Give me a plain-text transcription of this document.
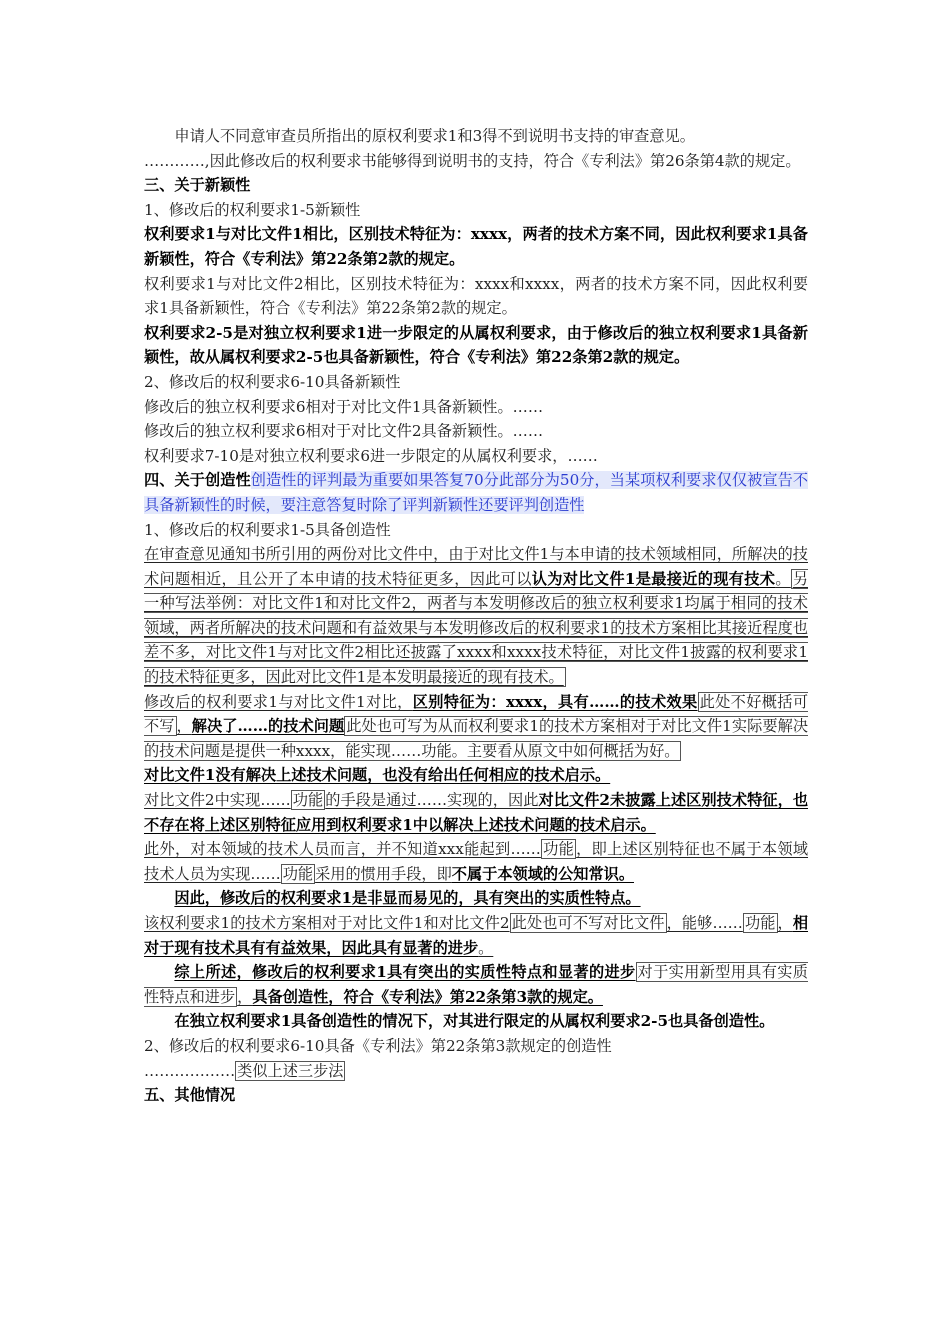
申请人不同意审查员所指出的原权利要求1和3得不到说明书支持的审查意见。

…………,因此修改后的权利要求书能够得到说明书的支持，符合《专利法》第26条第4款的规定。

三、关于新颖性

1、修改后的权利要求1-5新颖性

权利要求1与对比文件1相比，区别技术特征为：xxxx，两者的技术方案不同，因此权利要求1具备新颖性，符合《专利法》第22条第2款的规定。

权利要求1与对比文件2相比，区别技术特征为：xxxx和xxxx，两者的技术方案不同，因此权利要求1具备新颖性，符合《专利法》第22条第2款的规定。

权利要求2-5是对独立权利要求1进一步限定的从属权利要求，由于修改后的独立权利要求1具备新颖性，故从属权利要求2-5也具备新颖性，符合《专利法》第22条第2款的规定。

2、修改后的权利要求6-10具备新颖性

修改后的独立权利要求6相对于对比文件1具备新颖性。……

修改后的独立权利要求6相对于对比文件2具备新颖性。……

权利要求7-10是对独立权利要求6进一步限定的从属权利要求，……

四、关于创造性创造性的评判最为重要如果答复70分此部分为50分，当某项权利要求仅仅被宣告不具备新颖性的时候，要注意答复时除了评判新颖性还要评判创造性

1、修改后的权利要求1-5具备创造性

在审查意见通知书所引用的两份对比文件中，由于对比文件1与本申请的技术领域相同，所解决的技术问题相近，且公开了本申请的技术特征更多，因此可以认为对比文件1是最接近的现有技术。 另一种写法举例：对比文件1和对比文件2，两者与本发明修改后的独立权利要求1均属于相同的技术领域，两者所解决的技术问题和有益效果与本发明修改后的权利要求1的技术方案相比其接近程度也差不多，对比文件1与对比文件2相比还披露了xxxx和xxxx技术特征，对比文件1披露的权利要求1的技术特征更多，因此对比文件1是本发明最接近的现有技术。

修改后的权利要求1与对比文件1对比，区别特征为：xxxx，具有……的技术效果 此处不好概括可不写 ，解决了……的技术问题 此处也可写为从而权利要求1的技术方案相对于对比文件1实际要解决的技术问题是提供一种xxxx，能实现……功能。主要看从原文中如何概括为好。

对比文件1没有解决上述技术问题，也没有给出任何相应的技术启示。

对比文件2中实现…… 功能 的手段是通过……实现的，因此对比文件2未披露上述区别技术特征，也不存在将上述区别特征应用到权利要求1中以解决上述技术问题的技术启示。

此外，对本领域的技术人员而言，并不知道xxx能起到…… 功能 ，即上述区别特征也不属于本领域技术人员为实现…… 功能 采用的惯用手段，即不属于本领域的公知常识。

因此，修改后的权利要求1是非显而易见的，具有突出的实质性特点。

该权利要求1的技术方案相对于对比文件1和对比文件2 此处也可不写对比文件 ，能够…… 功能 ，相对于现有技术具有有益效果，因此具有显著的进步。

综上所述，修改后的权利要求1具有突出的实质性特点和显著的进步 对于实用新型用具有实质性特点和进步 ，具备创造性，符合《专利法》第22条第3款的规定。

在独立权利要求1具备创造性的情况下，对其进行限定的从属权利要求2-5也具备创造性。

2、修改后的权利要求6-10具备《专利法》第22条第3款规定的创造性

……………… 类似上述三步法

五、其他情况
